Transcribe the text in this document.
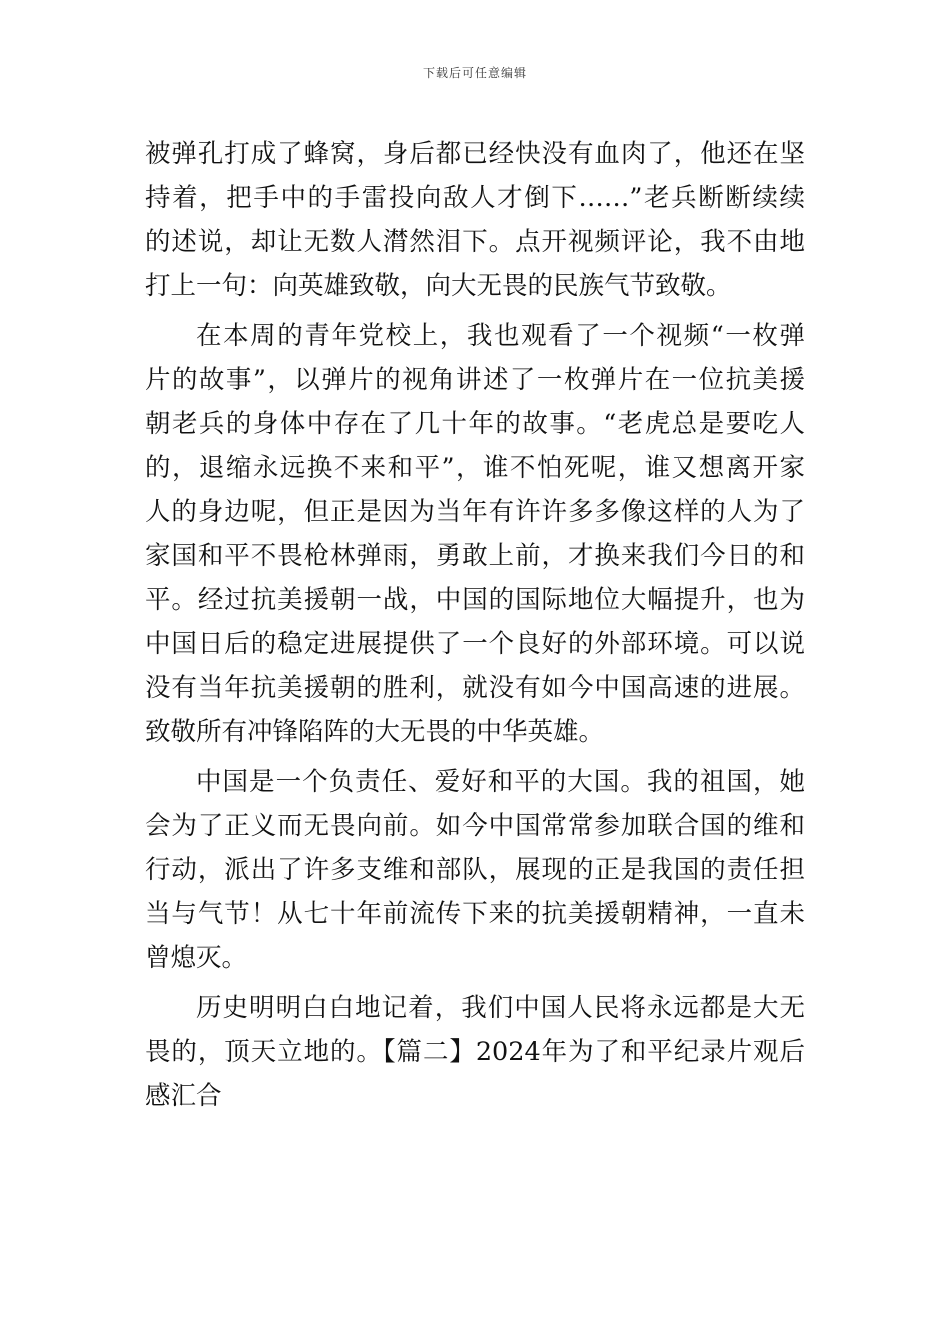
下载后可任意编辑
被弹孔打成了蜂窝，身后都已经快没有血肉了，他还在坚
持着，把手中的手雷投向敌人才倒下……”老兵断断续续
的述说，却让无数人潸然泪下。点开视频评论，我不由地
打上一句：向英雄致敬，向大无畏的民族气节致敬。
在本周的青年党校上，我也观看了一个视频“一枚弹
片的故事”，以弹片的视角讲述了一枚弹片在一位抗美援
朝老兵的身体中存在了几十年的故事。“老虎总是要吃人
的，退缩永远换不来和平”，谁不怕死呢，谁又想离开家
人的身边呢，但正是因为当年有许许多多像这样的人为了
家国和平不畏枪林弹雨，勇敢上前，才换来我们今日的和
平。经过抗美援朝一战，中国的国际地位大幅提升，也为
中国日后的稳定进展提供了一个良好的外部环境。可以说
没有当年抗美援朝的胜利，就没有如今中国高速的进展。
致敬所有冲锋陷阵的大无畏的中华英雄。
中国是一个负责任、爱好和平的大国。我的祖国，她
会为了正义而无畏向前。如今中国常常参加联合国的维和
行动，派出了许多支维和部队，展现的正是我国的责任担
当与气节！从七十年前流传下来的抗美援朝精神，一直未
曾熄灭。
历史明明白白地记着，我们中国人民将永远都是大无
畏的，顶天立地的。【篇二】2024年为了和平纪录片观后
感汇合
